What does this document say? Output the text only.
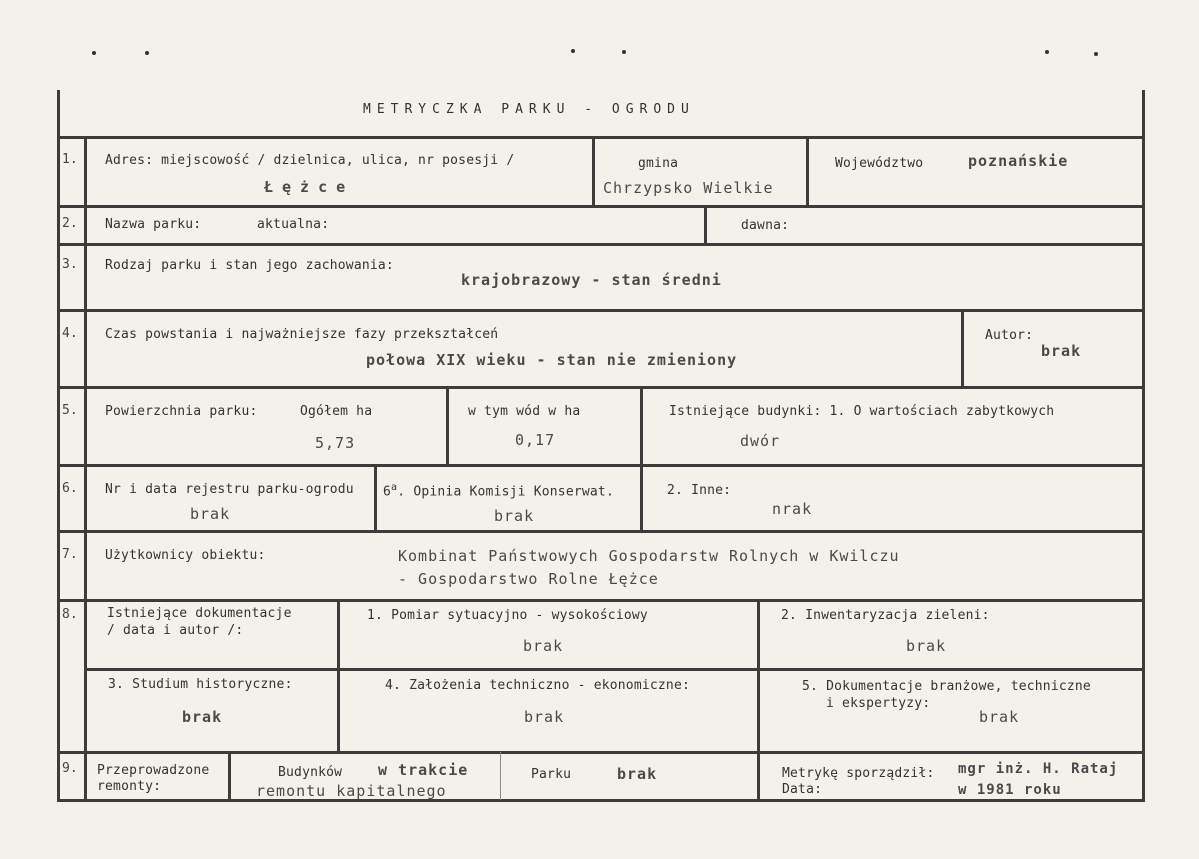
METRYCZKA PARKU - OGRODU
1. Adres: miejscowość / dzielnica, ulica, nr posesji /
Łężce
gmina
Chrzypsko Wielkie
Województwo	poznańskie
2. Nazwa parku:	aktualna:	dawna:
3. Rodzaj parku i stan jego zachowania:
krajobrazowy - stan średni
4. Czas powstania i najważniejsze fazy przekształceń
połowa XIX wieku - stan nie zmieniony
Autor:
brak
5. Powierzchnia parku:	Ogółem ha
5,73
w tym wód w ha
0,17
Istniejące budynki: 1. O wartościach zabytkowych
dwór
6. Nr i data rejestru parku-ogrodu
brak
6$^a$. Opinia Komisji Konserwat.
brak
2. Inne:
nrak
7. Użytkownicy obiektu:	Kombinat Państwowych Gospodarstw Rolnych w Kwilczu
- Gospodarstwo Rolne Łężce
8. Istniejące dokumentacje
/ data i autor /:
1. Pomiar sytuacyjno - wysokościowy
brak
2. Inwentaryzacja zieleni:
brak
3. Studium historyczne:
brak
4. Założenia techniczno - ekonomiczne:
brak
5. Dokumentacje branżowe, techniczne
i ekspertyzy:
brak
9. Przeprowadzone
remonty:
Budynków w trakcie
remontu kapitalnego
Parku	brak	Metrykę sporządził: mgr inż. H. Rataj
Data:	w 1981 roku
